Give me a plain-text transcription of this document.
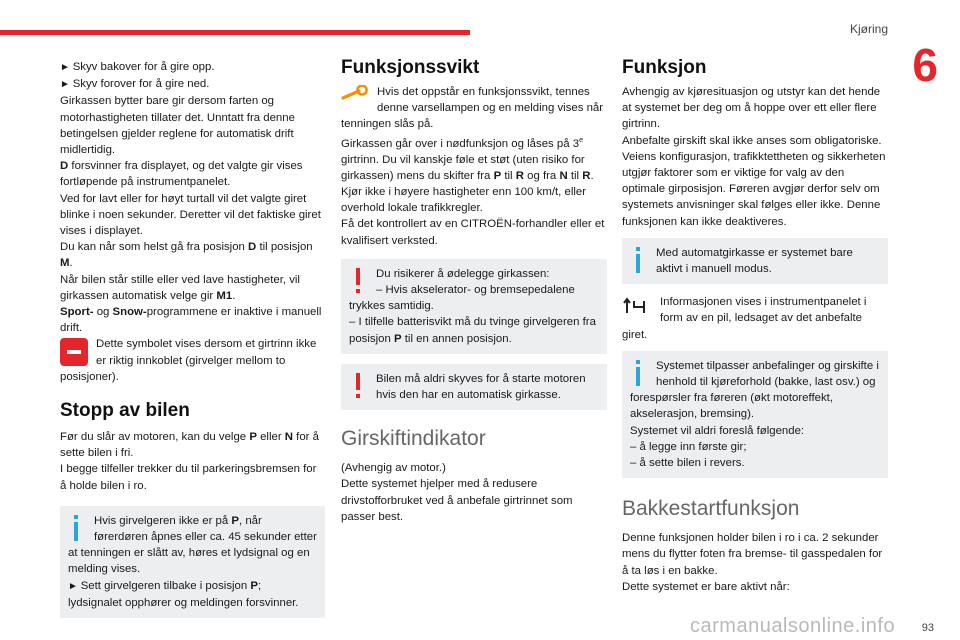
Kjøring
6

► Skyv bakover for å gire opp.

► Skyv forover for å gire ned.

Girkassen bytter bare gir dersom farten og motorhastigheten tillater det. Unntatt fra denne betingelsen gjelder reglene for automatisk drift midlertidig.

D forsvinner fra displayet, og det valgte gir vises fortløpende på instrumentpanelet.

Ved for lavt eller for høyt turtall vil det valgte giret blinke i noen sekunder. Deretter vil det faktiske giret vises i displayet.

Du kan når som helst gå fra posisjon D til posisjon M.

Når bilen står stille eller ved lave hastigheter, vil girkassen automatisk velge gir M1.

Sport- og Snow-programmene er inaktive i manuell drift.

Dette symbolet vises dersom et girtrinn ikke er riktig innkoblet (girvelger mellom to posisjoner).

Stopp av bilen

Før du slår av motoren, kan du velge P eller N for å sette bilen i fri.

I begge tilfeller trekker du til parkeringsbremsen for å holde bilen i ro.

Hvis girvelgeren ikke er på P, når førerdøren åpnes eller ca. 45 sekunder etter at tenningen er slått av, høres et lydsignal og en melding vises.

► Sett girvelgeren tilbake i posisjon P; lydsignalet opphører og meldingen forsvinner.

Funksjonssvikt

Hvis det oppstår en funksjonssvikt, tennes denne varsellampen og en melding vises når tenningen slås på.

Girkassen går over i nødfunksjon og låses på 3e girtrinn. Du vil kanskje føle et støt (uten risiko for girkassen) mens du skifter fra P til R og fra N til R.

Kjør ikke i høyere hastigheter enn 100 km/t, eller overhold lokale trafikkregler.

Få det kontrollert av en CITROËN-forhandler eller et kvalifisert verksted.

Du risikerer å ødelegge girkassen:

– Hvis akselerator- og bremsepedalene trykkes samtidig.

– I tilfelle batterisvikt må du tvinge girvelgeren fra posisjon P til en annen posisjon.

Bilen må aldri skyves for å starte motoren hvis den har en automatisk girkasse.

Girskiftindikator

(Avhengig av motor.)

Dette systemet hjelper med å redusere drivstofforbruket ved å anbefale girtrinnet som passer best.

Funksjon

Avhengig av kjøresituasjon og utstyr kan det hende at systemet ber deg om å hoppe over ett eller flere girtrinn.

Anbefalte girskift skal ikke anses som obligatoriske. Veiens konfigurasjon, trafikktettheten og sikkerheten utgjør faktorer som er viktige for valg av den optimale girposisjon. Føreren avgjør derfor selv om systemets anvisninger skal følges eller ikke. Denne funksjonen kan ikke deaktiveres.

Med automatgirkasse er systemet bare aktivt i manuell modus.

Informasjonen vises i instrumentpanelet i form av en pil, ledsaget av det anbefalte giret.

Systemet tilpasser anbefalinger og girskifte i henhold til kjøreforhold (bakke, last osv.) og forespørsler fra føreren (økt motoreffekt, akselerasjon, bremsing).

Systemet vil aldri foreslå følgende:

– å legge inn første gir;

– å sette bilen i revers.

Bakkestartfunksjon

Denne funksjonen holder bilen i ro i ca. 2 sekunder mens du flytter foten fra bremse- til gasspedalen for å ta løs i en bakke.

Dette systemet er bare aktivt når:

carmanualsonline.info 93
